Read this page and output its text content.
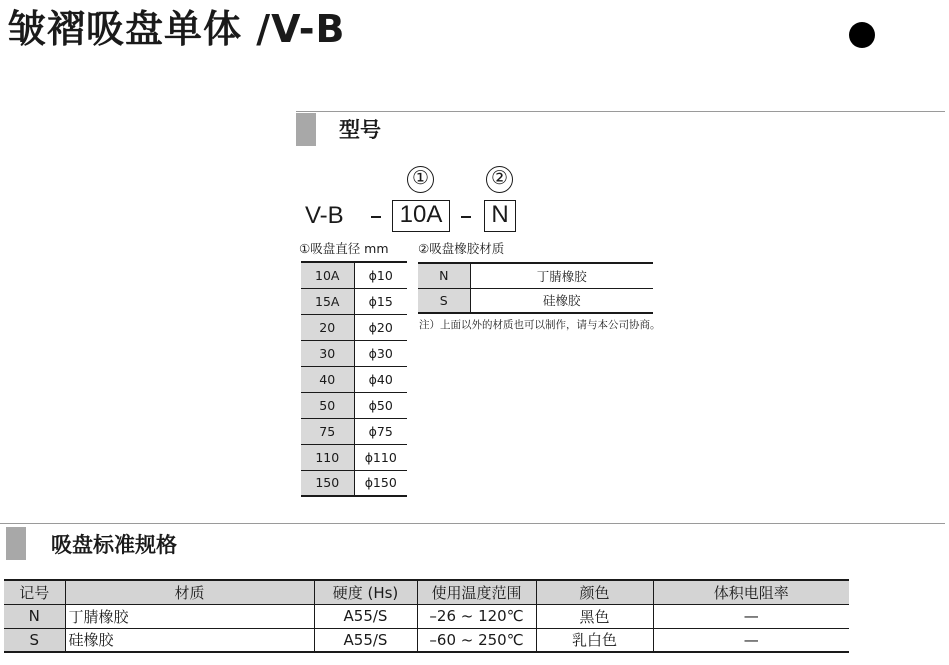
皱褶吸盘单体 /V-B
型号
①	②
V-B	10A	N
①吸盘直径 mm ②吸盘橡胶材质
10A	ϕ10
15A	ϕ15
20	ϕ20
30	ϕ30
40	ϕ40
50	ϕ50
75	ϕ75
110	ϕ110
150	ϕ150
N	丁腈橡胶
S	硅橡胶
注）上面以外的材质也可以制作，请与本公司协商。
吸盘标准规格
记号	材质	硬度 (Hs)	使用温度范围	颜色	体积电阻率
N	丁腈橡胶	A55/S	–26 ~ 120℃	黑色	—
S	硅橡胶	A55/S	–60 ~ 250℃	乳白色	—
